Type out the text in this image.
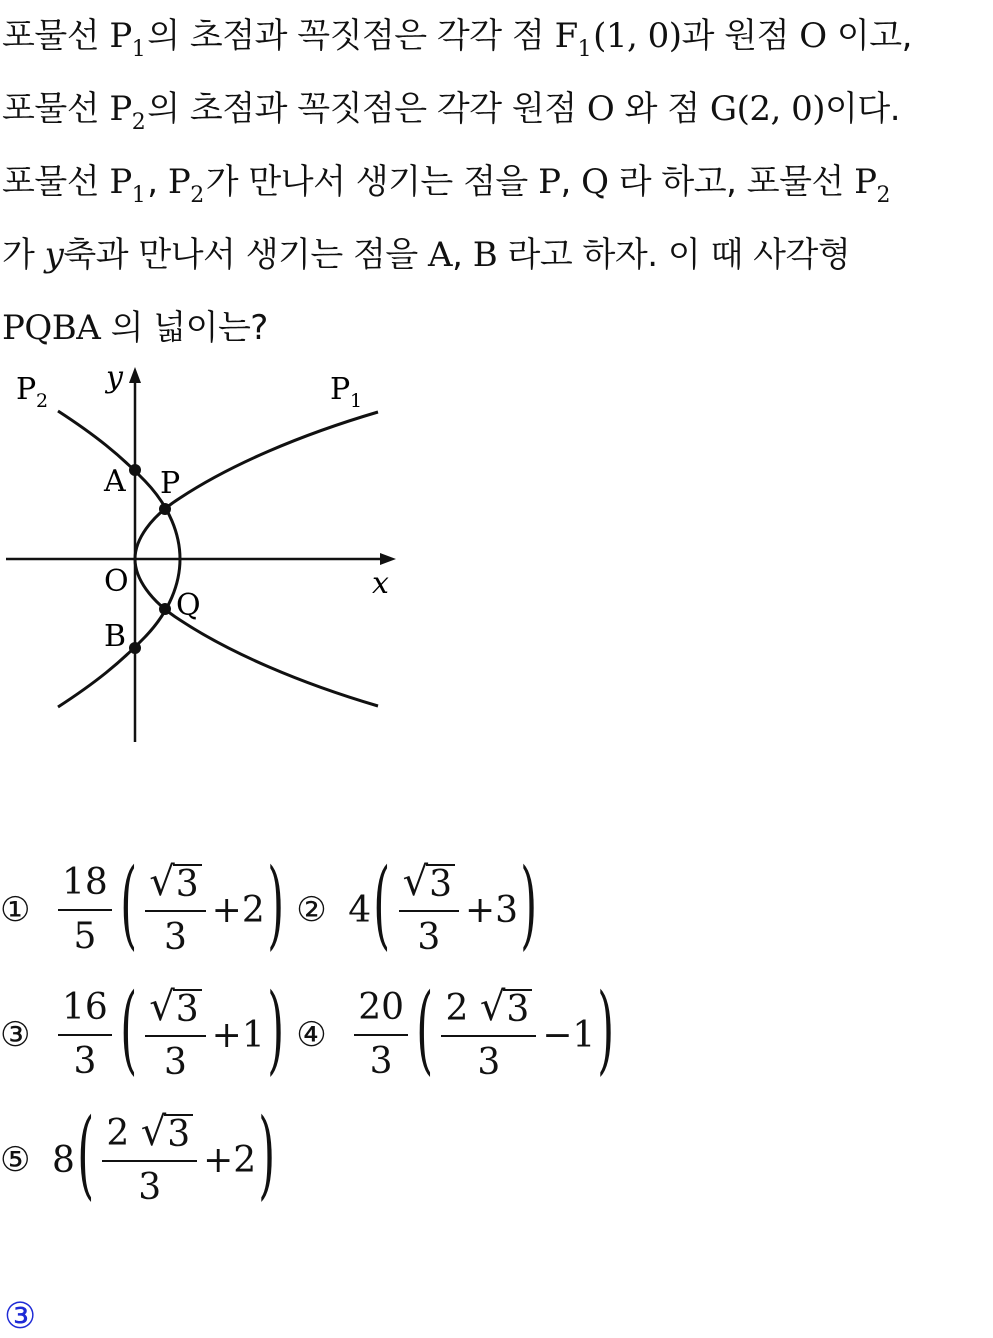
포물선 $P_1$의 초점과 꼭짓점은 각각 점 $F_1(1$, 0)과 원점 O 이고,
포물선 $P_2$의 초점과 꼭짓점은 각각 원점 O 와 점 G(2, 0)이다.
포물선 $P_1$, $P_2$가 만나서 생기는 점을 P, Q 라 하고, 포물선 $P_2$
가 y축과 만나서 생기는 점을 A, B 라고 하자. 이 때 사각형
PQBA 의 넓이는?
y
x
O
A P
Q
B
P 2	P 1
① $\frac{18}{5}$ ( $\frac{√ 3}{3} + 2$ ) ② 4 ( $\frac{√ 3}{3} + 3$ )
③ $\frac{16}{3}$ ( $\frac{√ 3}{3} + 1$ ) ④ $\frac{20}{3}$ ( $\frac{2 √ 3}{3} - 1$ )
⑤ 8 ( $\frac{2 √ 3}{3} + 2$ )
③
